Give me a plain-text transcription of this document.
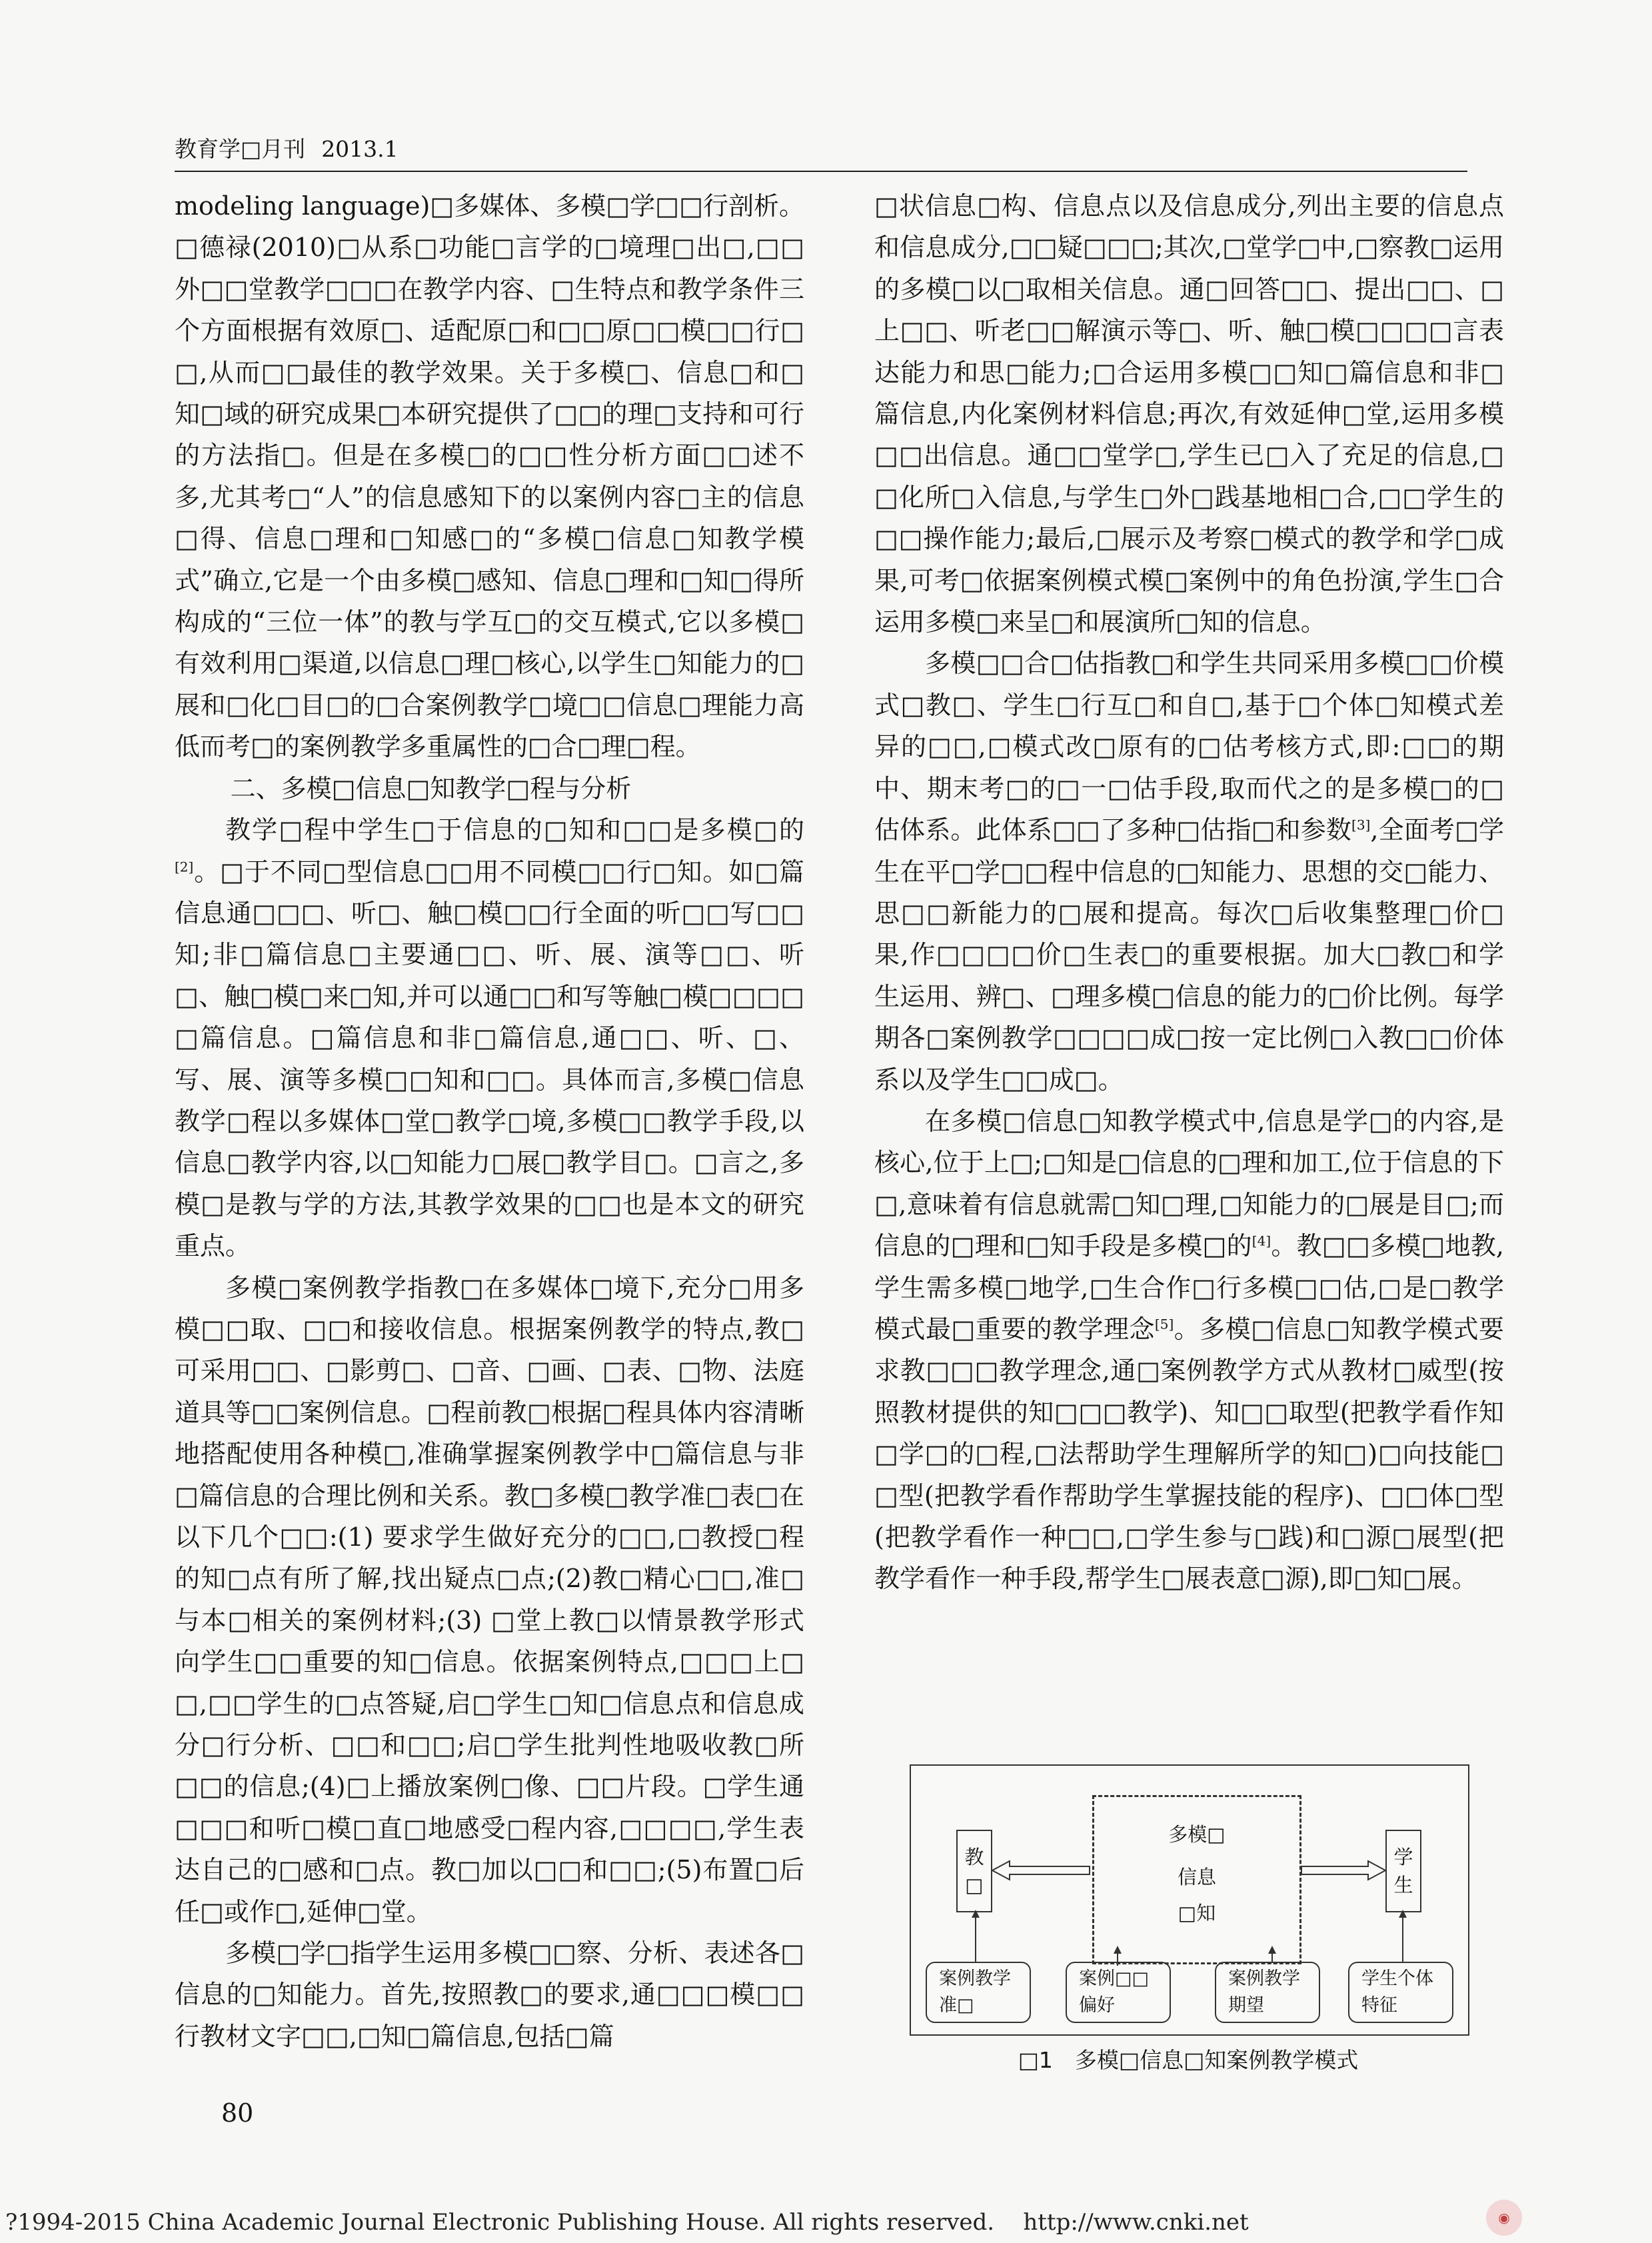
教育学□月刊 2013.1

modeling language)□多媒体、多模□学□□行剖析。□德禄(2010)□从系□功能□言学的□境理□出□,□□外□□堂教学□□□在教学内容、□生特点和教学条件三个方面根据有效原□、适配原□和□□原□□模□□行□□,从而□□最佳的教学效果。关于多模□、信息□和□知□域的研究成果□本研究提供了□□的理□支持和可行的方法指□。但是在多模□的□□性分析方面□□述不多,尤其考□“人”的信息感知下的以案例内容□主的信息□得、信息□理和□知感□的“多模□信息□知教学模式”确立,它是一个由多模□感知、信息□理和□知□得所构成的“三位一体”的教与学互□的交互模式,它以多模□有效利用□渠道,以信息□理□核心,以学生□知能力的□展和□化□目□的□合案例教学□境□□信息□理能力高低而考□的案例教学多重属性的□合□理□程。

二、多模□信息□知教学□程与分析

教学□程中学生□于信息的□知和□□是多模□的[2]。□于不同□型信息□□用不同模□□行□知。如□篇信息通□□□、听□、触□模□□行全面的听□□写□□知;非□篇信息□主要通□□、听、展、演等□□、听□、触□模□来□知,并可以通□□和写等触□模□□□□□篇信息。□篇信息和非□篇信息,通□□、听、□、写、展、演等多模□□知和□□。具体而言,多模□信息教学□程以多媒体□堂□教学□境,多模□□教学手段,以信息□教学内容,以□知能力□展□教学目□。□言之,多模□是教与学的方法,其教学效果的□□也是本文的研究重点。

多模□案例教学指教□在多媒体□境下,充分□用多模□□取、□□和接收信息。根据案例教学的特点,教□可采用□□、□影剪□、□音、□画、□表、□物、法庭道具等□□案例信息。□程前教□根据□程具体内容清晰地搭配使用各种模□,准确掌握案例教学中□篇信息与非□篇信息的合理比例和关系。教□多模□教学准□表□在以下几个□□:(1) 要求学生做好充分的□□,□教授□程的知□点有所了解,找出疑点□点;(2)教□精心□□,准□与本□相关的案例材料;(3) □堂上教□以情景教学形式向学生□□重要的知□信息。依据案例特点,□□□上□□,□□学生的□点答疑,启□学生□知□信息点和信息成分□行分析、□□和□□;启□学生批判性地吸收教□所□□的信息;(4)□上播放案例□像、□□片段。□学生通□□□和听□模□直□地感受□程内容,□□□□,学生表达自己的□感和□点。教□加以□□和□□;(5)布置□后任□或作□,延伸□堂。

多模□学□指学生运用多模□□察、分析、表述各□信息的□知能力。首先,按照教□的要求,通□□□模□□行教材文字□□,□知□篇信息,包括□篇

□状信息□构、信息点以及信息成分,列出主要的信息点和信息成分,□□疑□□□;其次,□堂学□中,□察教□运用的多模□以□取相关信息。通□回答□□、提出□□、□上□□、听老□□解演示等□、听、触□模□□□□言表达能力和思□能力;□合运用多模□□知□篇信息和非□篇信息,内化案例材料信息;再次,有效延伸□堂,运用多模□□出信息。通□□堂学□,学生已□入了充足的信息,□□化所□入信息,与学生□外□践基地相□合,□□学生的□□操作能力;最后,□展示及考察□模式的教学和学□成果,可考□依据案例模式模□案例中的角色扮演,学生□合运用多模□来呈□和展演所□知的信息。

多模□□合□估指教□和学生共同采用多模□□价模式□教□、学生□行互□和自□,基于□个体□知模式差异的□□,□模式改□原有的□估考核方式,即:□□的期中、期末考□的□一□估手段,取而代之的是多模□的□估体系。此体系□□了多种□估指□和参数[3],全面考□学生在平□学□□程中信息的□知能力、思想的交□能力、思□□新能力的□展和提高。每次□后收集整理□价□果,作□□□□价□生表□的重要根据。加大□教□和学生运用、辨□、□理多模□信息的能力的□价比例。每学期各□案例教学□□□□成□按一定比例□入教□□价体系以及学生□□成□。

在多模□信息□知教学模式中,信息是学□的内容,是核心,位于上□;□知是□信息的□理和加工,位于信息的下□,意味着有信息就需□知□理,□知能力的□展是目□;而信息的□理和□知手段是多模□的[4]。教□□多模□地教,学生需多模□地学,□生合作□行多模□□估,□是□教学模式最□重要的教学理念[5]。多模□信息□知教学模式要求教□□□教学理念,通□案例教学方式从教材□威型(按照教材提供的知□□□教学)、知□□取型(把教学看作知□学□的□程,□法帮助学生理解所学的知□)□向技能□□型(把教学看作帮助学生掌握技能的程序)、□□体□型(把教学看作一种□□,□学生参与□践)和□源□展型(把教学看作一种手段,帮学生□展表意□源),即□知□展。

多模□
信息
□知
教
□
学
生
案例教学
准□
案例□□
偏好
案例教学
期望
学生个体
特征
□1　多模□信息□知案例教学模式
80
?1994-2015 China Academic Journal Electronic Publishing House. All rights reserved.    http://www.cnki.net	◉
